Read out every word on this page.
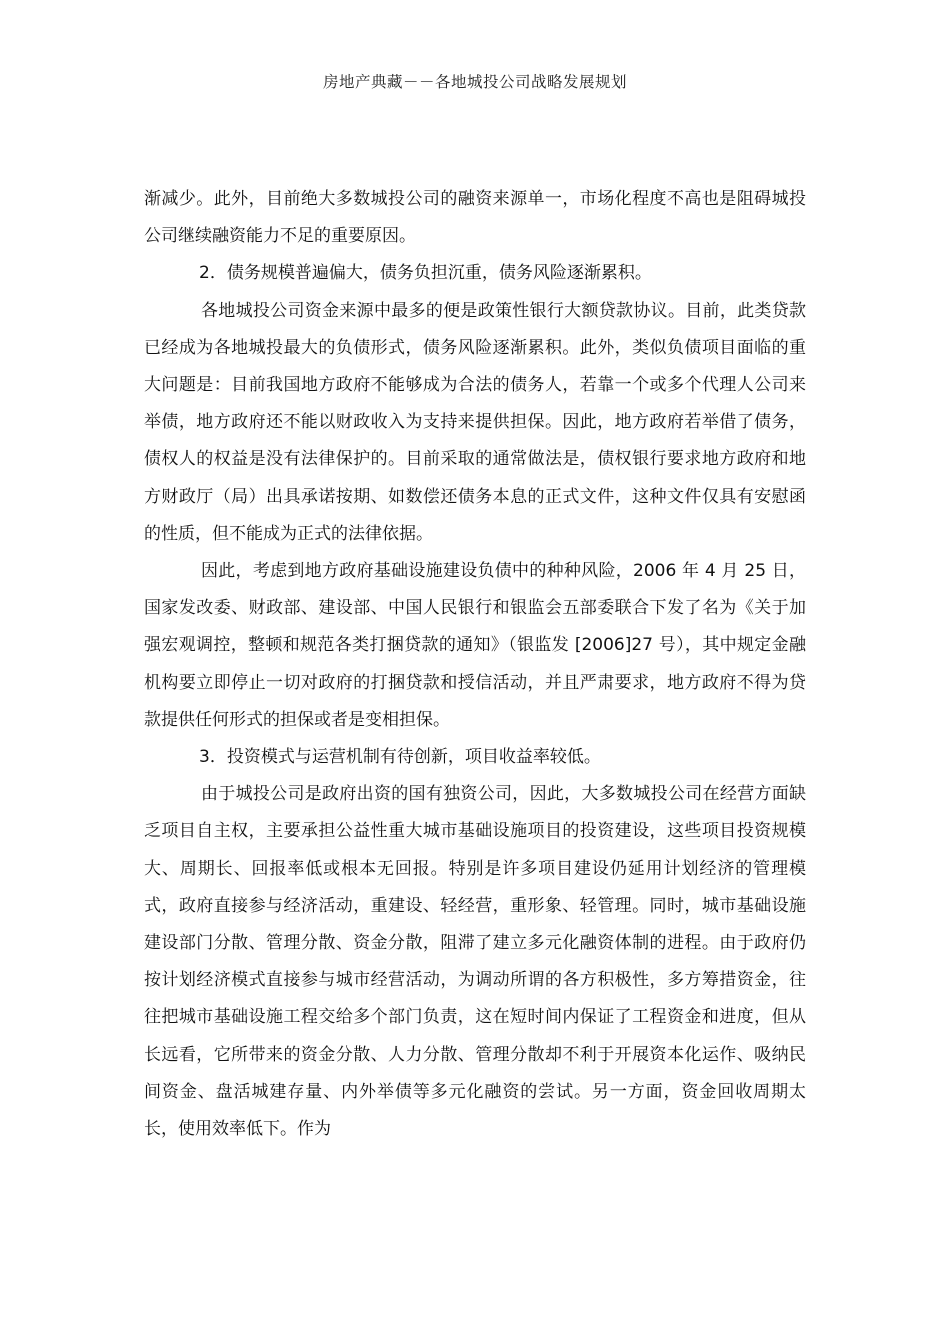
房地产典藏－－各地城投公司战略发展规划

渐减少。此外，目前绝大多数城投公司的融资来源单一，市场化程度不高也是阻碍城投公司继续融资能力不足的重要原因。

2．债务规模普遍偏大，债务负担沉重，债务风险逐渐累积。

各地城投公司资金来源中最多的便是政策性银行大额贷款协议。目前，此类贷款已经成为各地城投最大的负债形式，债务风险逐渐累积。此外，类似负债项目面临的重大问题是：目前我国地方政府不能够成为合法的债务人，若靠一个或多个代理人公司来举债，地方政府还不能以财政收入为支持来提供担保。因此，地方政府若举借了债务，债权人的权益是没有法律保护的。目前采取的通常做法是，债权银行要求地方政府和地方财政厅（局）出具承诺按期、如数偿还债务本息的正式文件，这种文件仅具有安慰函的性质，但不能成为正式的法律依据。

因此，考虑到地方政府基础设施建设负债中的种种风险，2006 年 4 月 25 日，国家发改委、财政部、建设部、中国人民银行和银监会五部委联合下发了名为《关于加强宏观调控，整顿和规范各类打捆贷款的通知》（银监发 [2006]27 号），其中规定金融机构要立即停止一切对政府的打捆贷款和授信活动，并且严肃要求，地方政府不得为贷款提供任何形式的担保或者是变相担保。

3．投资模式与运营机制有待创新，项目收益率较低。

由于城投公司是政府出资的国有独资公司，因此，大多数城投公司在经营方面缺乏项目自主权，主要承担公益性重大城市基础设施项目的投资建设，这些项目投资规模大、周期长、回报率低或根本无回报。特别是许多项目建设仍延用计划经济的管理模式，政府直接参与经济活动，重建设、轻经营，重形象、轻管理。同时，城市基础设施建设部门分散、管理分散、资金分散，阻滞了建立多元化融资体制的进程。由于政府仍按计划经济模式直接参与城市经营活动，为调动所谓的各方积极性，多方筹措资金，往往把城市基础设施工程交给多个部门负责，这在短时间内保证了工程资金和进度，但从长远看，它所带来的资金分散、人力分散、管理分散却不利于开展资本化运作、吸纳民间资金、盘活城建存量、内外举债等多元化融资的尝试。另一方面，资金回收周期太长，使用效率低下。作为
